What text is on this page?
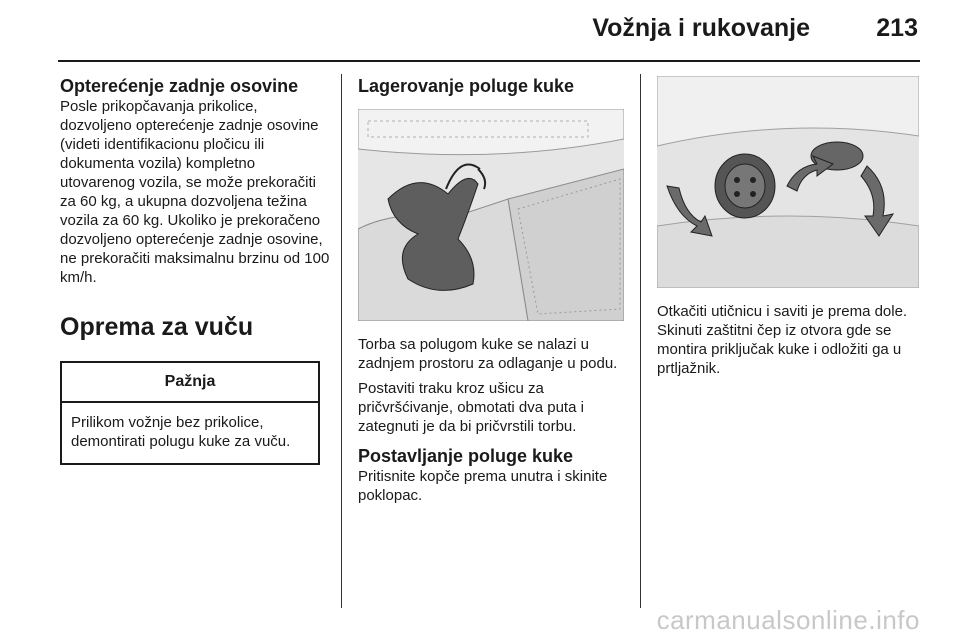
Vožnja i rukovanje	213
Opterećenje zadnje osovine

Posle prikopčavanja prikolice, dozvoljeno opterećenje zadnje osovine (videti identifikacionu pločicu ili dokumenta vozila) kompletno utovarenog vozila, se može prekoračiti za 60 kg, a ukupna dozvoljena težina vozila za 60 kg. Ukoliko je prekoračeno dozvoljeno opterećenje zadnje osovine, ne prekoračiti maksimalnu brzinu od 100 km/h.

Oprema za vuču
Pažnja
Prilikom vožnje bez prikolice, demontirati polugu kuke za vuču.
Lagerovanje poluge kuke

Torba sa polugom kuke se nalazi u zadnjem prostoru za odlaganje u podu.

Postaviti traku kroz ušicu za pričvršćivanje, obmotati dva puta i zategnuti je da bi pričvrstili torbu.

Postavljanje poluge kuke

Pritisnite kopče prema unutra i skinite poklopac.

Otkačiti utičnicu i saviti je prema dole. Skinuti zaštitni čep iz otvora gde se montira priključak kuke i odložiti ga u prtljažnik.

carmanualsonline.info
